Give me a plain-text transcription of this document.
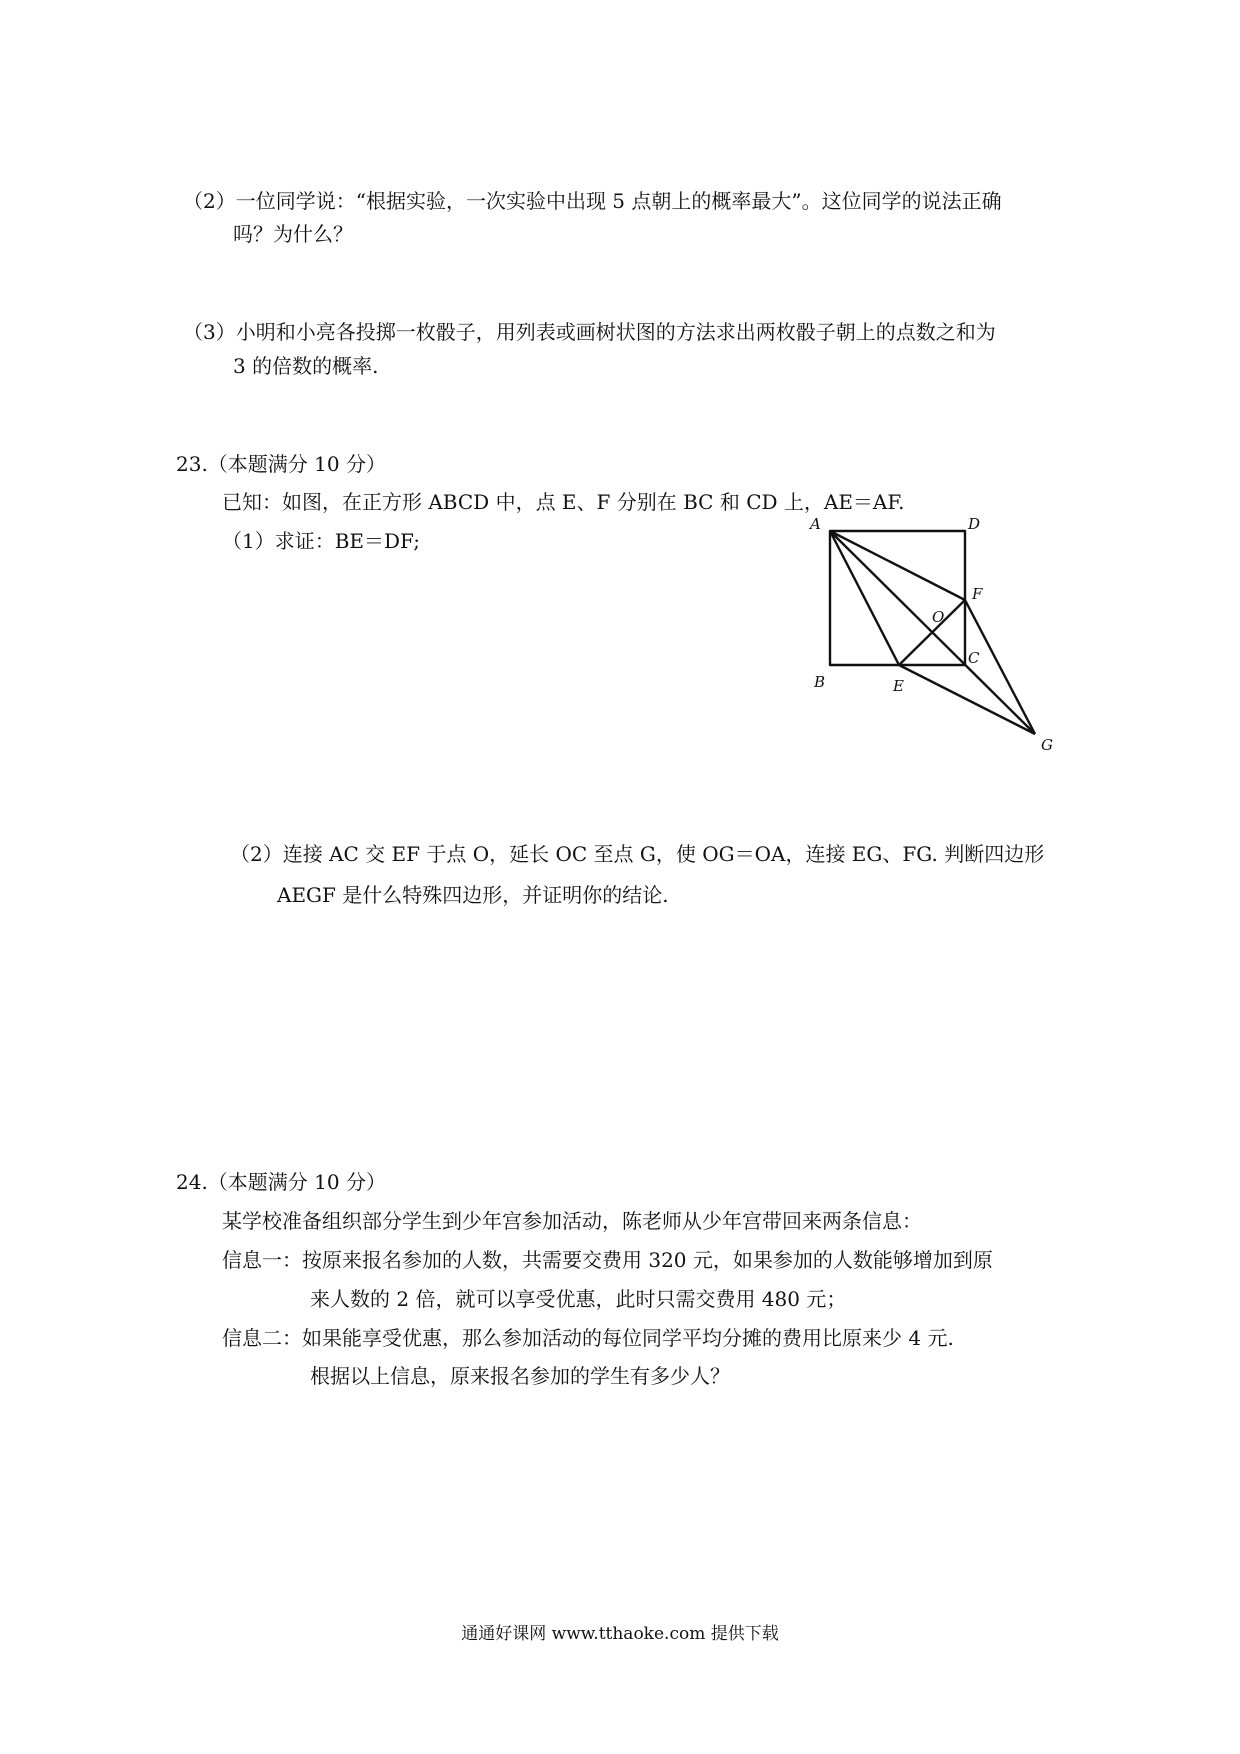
（2）一位同学说：“根据实验，一次实验中出现 5 点朝上的概率最大”。这位同学的说法正确
吗？为什么？
（3）小明和小亮各投掷一枚骰子，用列表或画树状图的方法求出两枚骰子朝上的点数之和为
3 的倍数的概率.
23.（本题满分 10 分）
已知：如图，在正方形 ABCD 中，点 E、F 分别在 BC 和 CD 上，AE＝AF.
（1）求证：BE＝DF;
A	D
F
O
C
B	E
G
（2）连接 AC 交 EF 于点 O，延长 OC 至点 G，使 OG＝OA，连接 EG、FG. 判断四边形
AEGF 是什么特殊四边形，并证明你的结论.
24.（本题满分 10 分）
某学校准备组织部分学生到少年宫参加活动，陈老师从少年宫带回来两条信息：
信息一：按原来报名参加的人数，共需要交费用 320 元，如果参加的人数能够增加到原
来人数的 2 倍，就可以享受优惠，此时只需交费用 480 元；
信息二：如果能享受优惠，那么参加活动的每位同学平均分摊的费用比原来少 4 元.
根据以上信息，原来报名参加的学生有多少人？
通通好课网 www.tthaoke.com 提供下载
